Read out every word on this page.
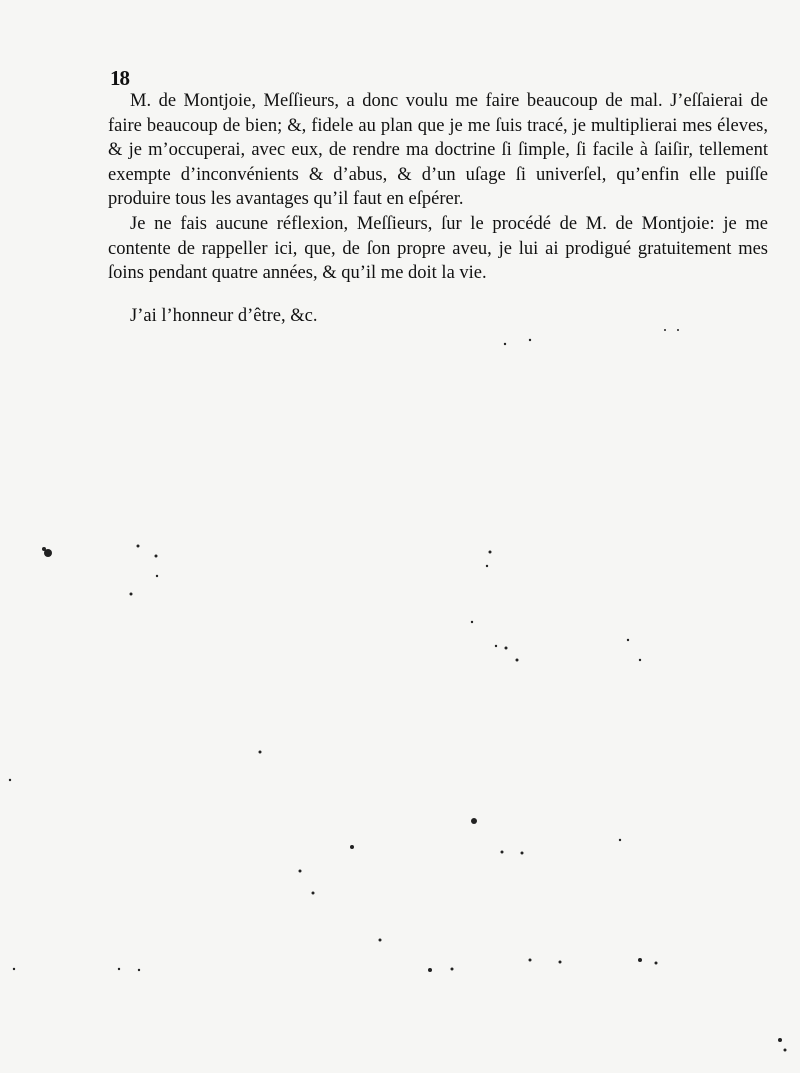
18

M. de Montjoie, Meſſieurs, a donc voulu me faire beaucoup de mal. J’eſſaierai de faire beaucoup de bien; &, fidele au plan que je me ſuis tracé, je multiplierai mes éleves, & je m’occuperai, avec eux, de rendre ma doctrine ſi ſimple, ſi facile à ſaiſir, tellement exempte d’inconvénients & d’abus, & d’un uſage ſi univerſel, qu’enfin elle puiſſe produire tous les avantages qu’il faut en eſpérer.

Je ne fais aucune réflexion, Meſſieurs, ſur le procédé de M. de Montjoie: je me contente de rappeller ici, que, de ſon propre aveu, je lui ai prodigué gratuitement mes ſoins pendant quatre années, & qu’il me doit la vie.

J’ai l’honneur d’être, &c.
